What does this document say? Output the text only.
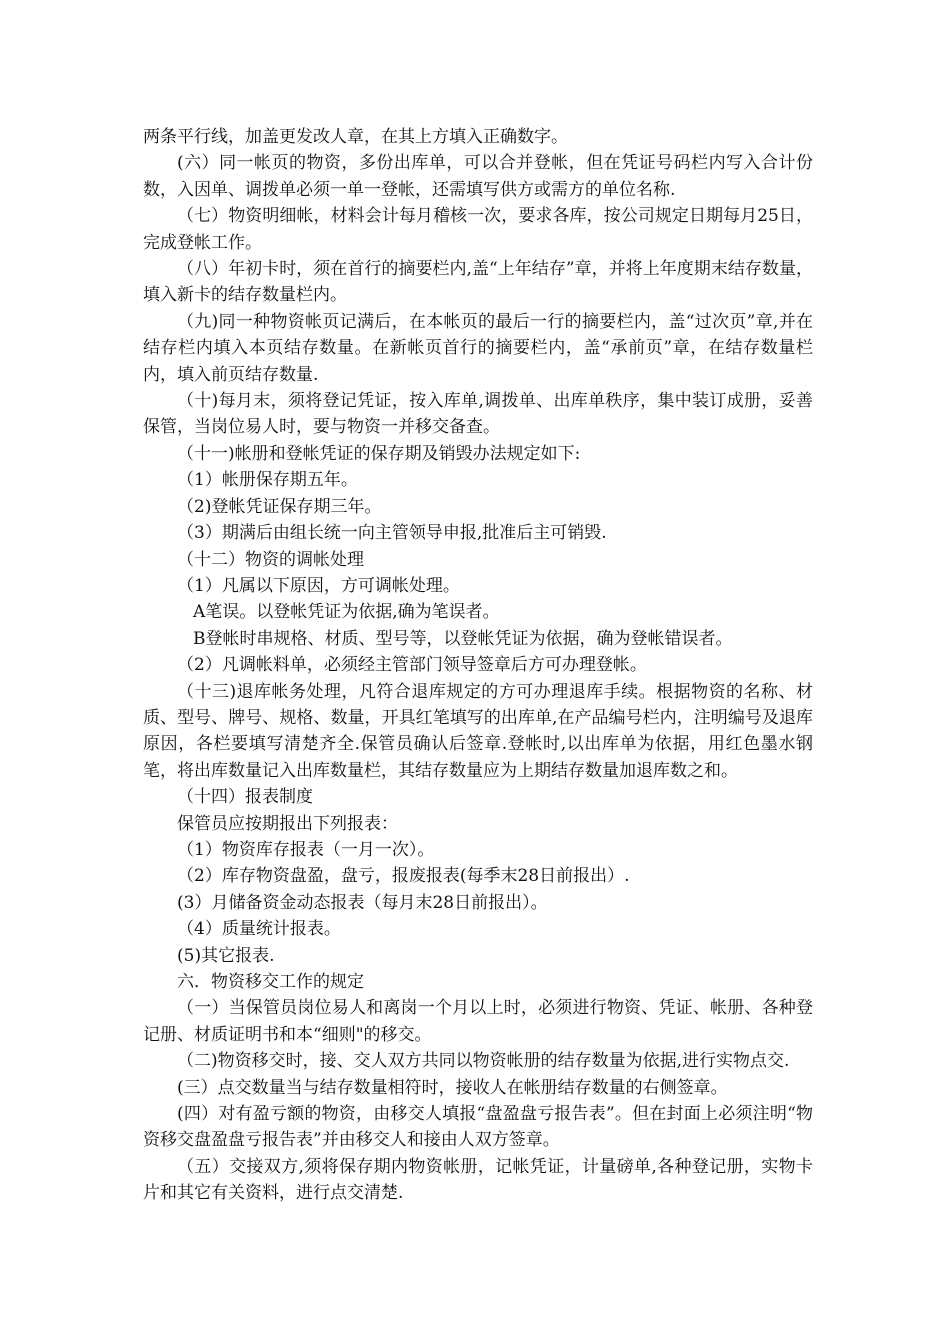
两条平行线，加盖更发改人章，在其上方填入正确数字。

(六）同一帐页的物资，多份出库单，可以合并登帐，但在凭证号码栏内写入合计份数，入因单、调拨单必须一单一登帐，还需填写供方或需方的单位名称.

（七）物资明细帐，材料会计每月稽核一次，要求各库，按公司规定日期每月25日，完成登帐工作。

（八）年初卡时，须在首行的摘要栏内,盖“上年结存”章，并将上年度期末结存数量，填入新卡的结存数量栏内。

（九)同一种物资帐页记满后，在本帐页的最后一行的摘要栏内，盖“过次页”章,并在结存栏内填入本页结存数量。在新帐页首行的摘要栏内，盖“承前页”章，在结存数量栏内，填入前页结存数量.

（十)每月末，须将登记凭证，按入库单,调拨单、出库单秩序，集中装订成册，妥善保管，当岗位易人时，要与物资一并移交备查。

（十一)帐册和登帐凭证的保存期及销毁办法规定如下:

（1）帐册保存期五年。

（2)登帐凭证保存期三年。

（3）期满后由组长统一向主管领导申报,批准后主可销毁.

（十二）物资的调帐处理

（1）凡属以下原因，方可调帐处理。

A笔误。以登帐凭证为依据,确为笔误者。

B登帐时串规格、材质、型号等，以登帐凭证为依据，确为登帐错误者。

（2）凡调帐料单，必须经主管部门领导签章后方可办理登帐。

（十三)退库帐务处理，凡符合退库规定的方可办理退库手续。根据物资的名称、材质、型号、牌号、规格、数量，开具红笔填写的出库单,在产品编号栏内，注明编号及退库原因，各栏要填写清楚齐全.保管员确认后签章.登帐时,以出库单为依据，用红色墨水钢笔，将出库数量记入出库数量栏，其结存数量应为上期结存数量加退库数之和。

（十四）报表制度

保管员应按期报出下列报表：

（1）物资库存报表（一月一次）。

（2）库存物资盘盈，盘亏，报废报表(每季末28日前报出）.

(3）月储备资金动态报表（每月末28日前报出）。

（4）质量统计报表。

(5)其它报表.

六．物资移交工作的规定

（一）当保管员岗位易人和离岗一个月以上时，必须进行物资、凭证、帐册、各种登记册、材质证明书和本“细则"的移交。

（二)物资移交时，接、交人双方共同以物资帐册的结存数量为依据,进行实物点交.

(三）点交数量当与结存数量相符时，接收人在帐册结存数量的右侧签章。

(四）对有盈亏额的物资，由移交人填报“盘盈盘亏报告表”。但在封面上必须注明“物资移交盘盈盘亏报告表”并由移交人和接由人双方签章。

（五）交接双方,须将保存期内物资帐册，记帐凭证，计量磅单,各种登记册，实物卡片和其它有关资料，进行点交清楚.
